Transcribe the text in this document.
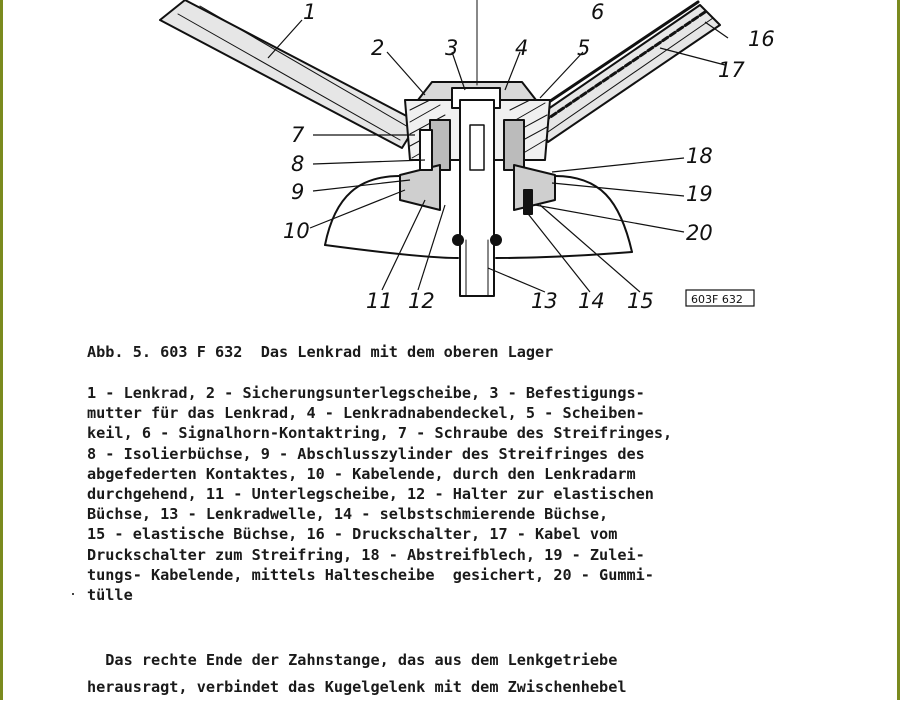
1
2	3	4 5
6
7
8
9
10
11 12	13 14 15
16
17
18
19
20
603F 632
Abb. 5. 603 F 632  Das Lenkrad mit dem oberen Lager
1 - Lenkrad, 2 - Sicherungsunterlegscheibe, 3 - Befestigungs-
mutter für das Lenkrad, 4 - Lenkradnabendeckel, 5 - Scheiben-
keil, 6 - Signalhorn-Kontaktring, 7 - Schraube des Streifringes,
8 - Isolierbüchse, 9 - Abschlusszylinder des Streifringes des
abgefederten Kontaktes, 10 - Kabelende, durch den Lenkradarm
durchgehend, 11 - Unterlegscheibe, 12 - Halter zur elastischen
Büchse, 13 - Lenkradwelle, 14 - selbstschmierende Büchse,
15 - elastische Büchse, 16 - Druckschalter, 17 - Kabel vom
Druckschalter zum Streifring, 18 - Abstreifblech, 19 - Zulei-
tungs- Kabelende, mittels Haltescheibe  gesichert, 20 - Gummi-
tülle
Das rechte Ende der Zahnstange, das aus dem Lenkgetriebe
herausragt, verbindet das Kugelgelenk mit dem Zwischenhebel
